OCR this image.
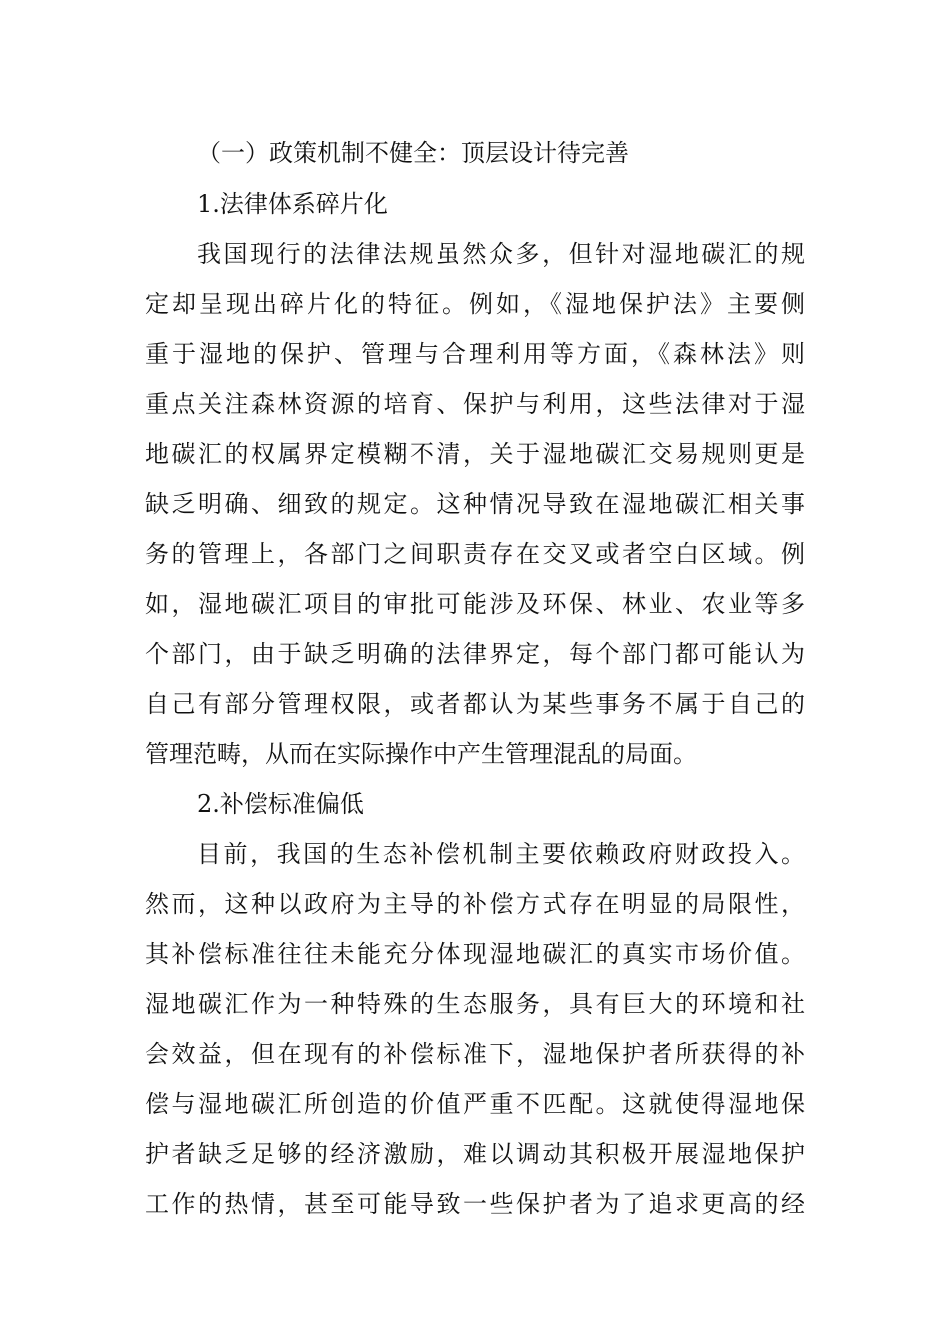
（一）政策机制不健全：顶层设计待完善
1.法律体系碎片化
我国现行的法律法规虽然众多，但针对湿地碳汇的规
定却呈现出碎片化的特征。例如，《湿地保护法》主要侧
重于湿地的保护、管理与合理利用等方面，《森林法》则
重点关注森林资源的培育、保护与利用，这些法律对于湿
地碳汇的权属界定模糊不清，关于湿地碳汇交易规则更是
缺乏明确、细致的规定。这种情况导致在湿地碳汇相关事
务的管理上，各部门之间职责存在交叉或者空白区域。例
如，湿地碳汇项目的审批可能涉及环保、林业、农业等多
个部门，由于缺乏明确的法律界定，每个部门都可能认为
自己有部分管理权限，或者都认为某些事务不属于自己的
管理范畴，从而在实际操作中产生管理混乱的局面。
2.补偿标准偏低
目前，我国的生态补偿机制主要依赖政府财政投入。
然而，这种以政府为主导的补偿方式存在明显的局限性，
其补偿标准往往未能充分体现湿地碳汇的真实市场价值。
湿地碳汇作为一种特殊的生态服务，具有巨大的环境和社
会效益，但在现有的补偿标准下，湿地保护者所获得的补
偿与湿地碳汇所创造的价值严重不匹配。这就使得湿地保
护者缺乏足够的经济激励，难以调动其积极开展湿地保护
工作的热情，甚至可能导致一些保护者为了追求更高的经
